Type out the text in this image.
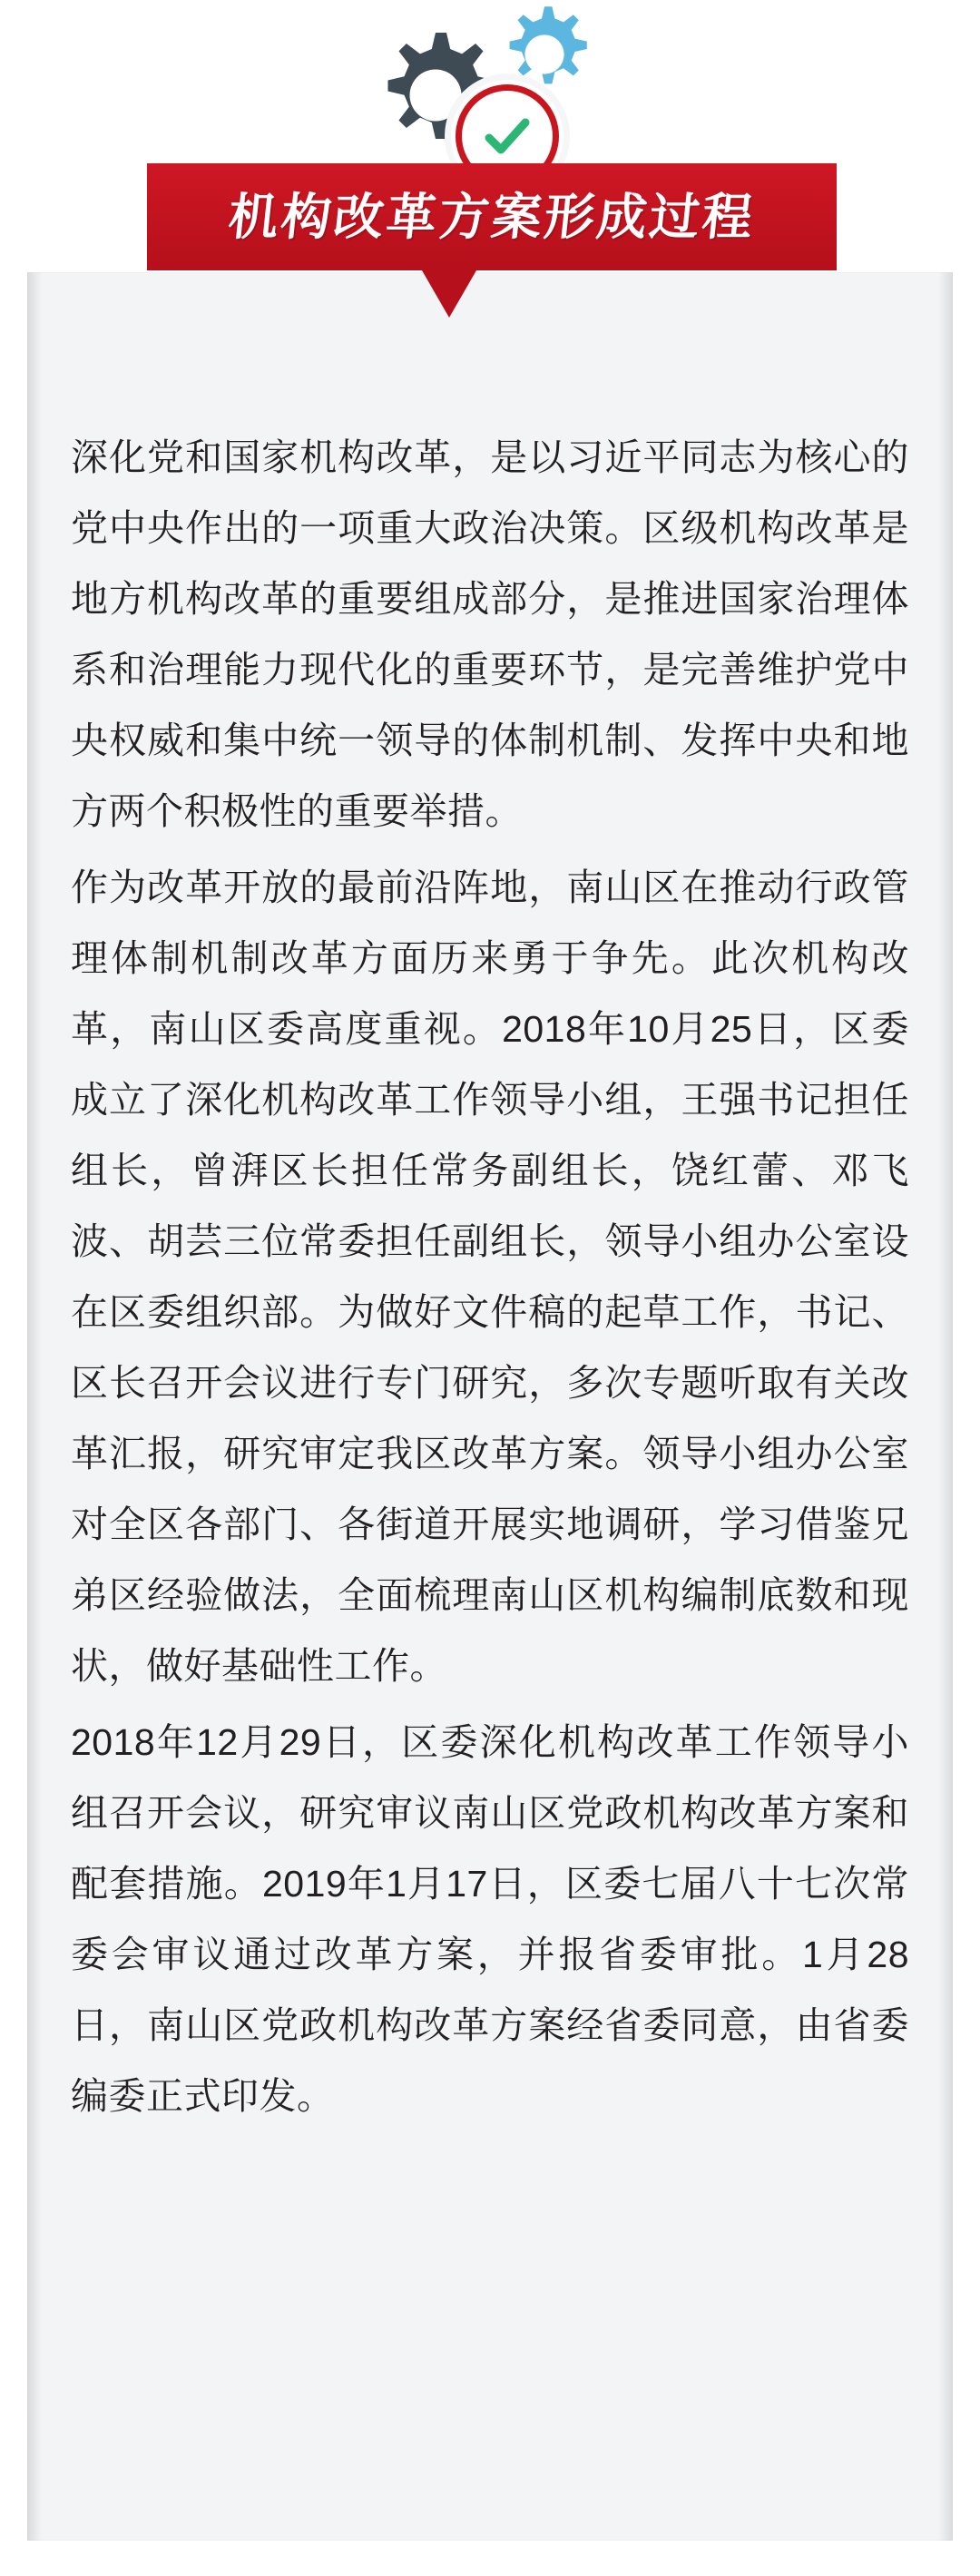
机构改革方案形成过程

深化党和国家机构改革，是以习近平同志为核心的党中央作出的一项重大政治决策。区级机构改革是地方机构改革的重要组成部分，是推进国家治理体系和治理能力现代化的重要环节，是完善维护党中央权威和集中统一领导的体制机制、发挥中央和地方两个积极性的重要举措。

作为改革开放的最前沿阵地，南山区在推动行政管理体制机制改革方面历来勇于争先。此次机构改革，南山区委高度重视。2018年10月25日，区委成立了深化机构改革工作领导小组，王强书记担任组长，曾湃区长担任常务副组长，饶红蕾、邓飞波、胡芸三位常委担任副组长，领导小组办公室设在区委组织部。为做好文件稿的起草工作，书记、区长召开会议进行专门研究，多次专题听取有关改革汇报，研究审定我区改革方案。领导小组办公室对全区各部门、各街道开展实地调研，学习借鉴兄弟区经验做法，全面梳理南山区机构编制底数和现状，做好基础性工作。

2018年12月29日，区委深化机构改革工作领导小组召开会议，研究审议南山区党政机构改革方案和配套措施。2019年1月17日，区委七届八十七次常委会审议通过改革方案，并报省委审批。1月28日，南山区党政机构改革方案经省委同意，由省委编委正式印发。
